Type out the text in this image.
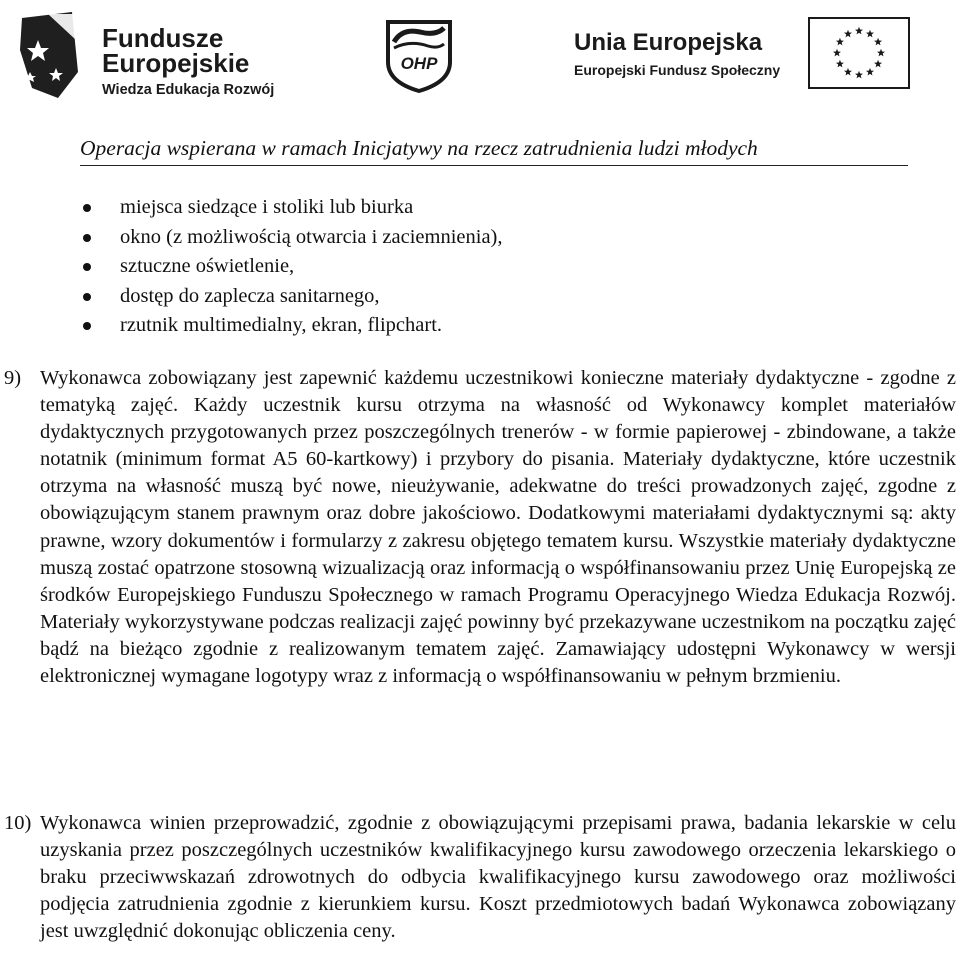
Fundusze
Europejskie
Wiedza Edukacja Rozwój
OHP
Unia Europejska
Europejski Fundusz Społeczny
Operacja wspierana w ramach Inicjatywy na rzecz zatrudnienia ludzi młodych
miejsca siedzące i stoliki lub biurka
okno (z możliwością otwarcia i zaciemnienia),
sztuczne oświetlenie,
dostęp do zaplecza sanitarnego,
rzutnik multimedialny, ekran, flipchart.
9) Wykonawca zobowiązany jest zapewnić każdemu uczestnikowi konieczne materiały dydaktyczne - zgodne z tematyką zajęć. Każdy uczestnik kursu otrzyma na własność od Wykonawcy komplet materiałów dydaktycznych przygotowanych przez poszczególnych trenerów - w formie papierowej - zbindowane, a także notatnik (minimum format A5 60-kartkowy) i przybory do pisania. Materiały dydaktyczne, które uczestnik otrzyma na własność muszą być nowe, nieużywanie, adekwatne do treści prowadzonych zajęć, zgodne z obowiązującym stanem prawnym oraz dobre jakościowo. Dodatkowymi materiałami dydaktycznymi są: akty prawne, wzory dokumentów i formularzy z zakresu objętego tematem kursu. Wszystkie materiały dydaktyczne muszą zostać opatrzone stosowną wizualizacją oraz informacją o współfinansowaniu przez Unię Europejską ze środków Europejskiego Funduszu Społecznego w ramach Programu Operacyjnego Wiedza Edukacja Rozwój. Materiały wykorzystywane podczas realizacji zajęć powinny być przekazywane uczestnikom na początku zajęć bądź na bieżąco zgodnie z realizowanym tematem zajęć. Zamawiający udostępni Wykonawcy w wersji elektronicznej wymagane logotypy wraz z informacją o współfinansowaniu w pełnym brzmieniu.

10) Wykonawca winien przeprowadzić, zgodnie z obowiązującymi przepisami prawa, badania lekarskie w celu uzyskania przez poszczególnych uczestników kwalifikacyjnego kursu zawodowego orzeczenia lekarskiego o braku przeciwwskazań zdrowotnych do odbycia kwalifikacyjnego kursu zawodowego oraz możliwości podjęcia zatrudnienia zgodnie z kierunkiem kursu. Koszt przedmiotowych badań Wykonawca zobowiązany jest uwzględnić dokonując obliczenia ceny.
